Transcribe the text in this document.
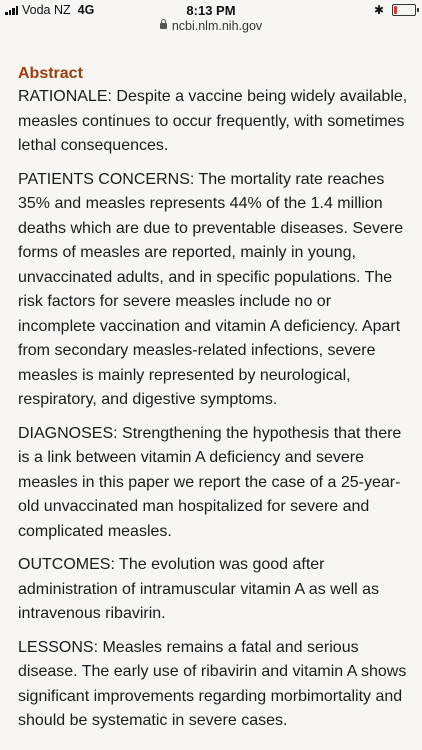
Voda NZ 4G	8:13 PM	✱
ncbi.nlm.nih.gov
Abstract

RATIONALE: Despite a vaccine being widely available, measles continues to occur frequently, with sometimes lethal consequences.

PATIENTS CONCERNS: The mortality rate reaches 35% and measles represents 44% of the 1.4 million deaths which are due to preventable diseases. Severe forms of measles are reported, mainly in young, unvaccinated adults, and in specific populations. The risk factors for severe measles include no or incomplete vaccination and vitamin A deficiency. Apart from secondary measles-related infections, severe measles is mainly represented by neurological, respiratory, and digestive symptoms.

DIAGNOSES: Strengthening the hypothesis that there is a link between vitamin A deficiency and severe measles in this paper we report the case of a 25-year-old unvaccinated man hospitalized for severe and complicated measles.

OUTCOMES: The evolution was good after administration of intramuscular vitamin A as well as intravenous ribavirin.

LESSONS: Measles remains a fatal and serious disease. The early use of ribavirin and vitamin A shows significant improvements regarding morbimortality and should be systematic in severe cases.
